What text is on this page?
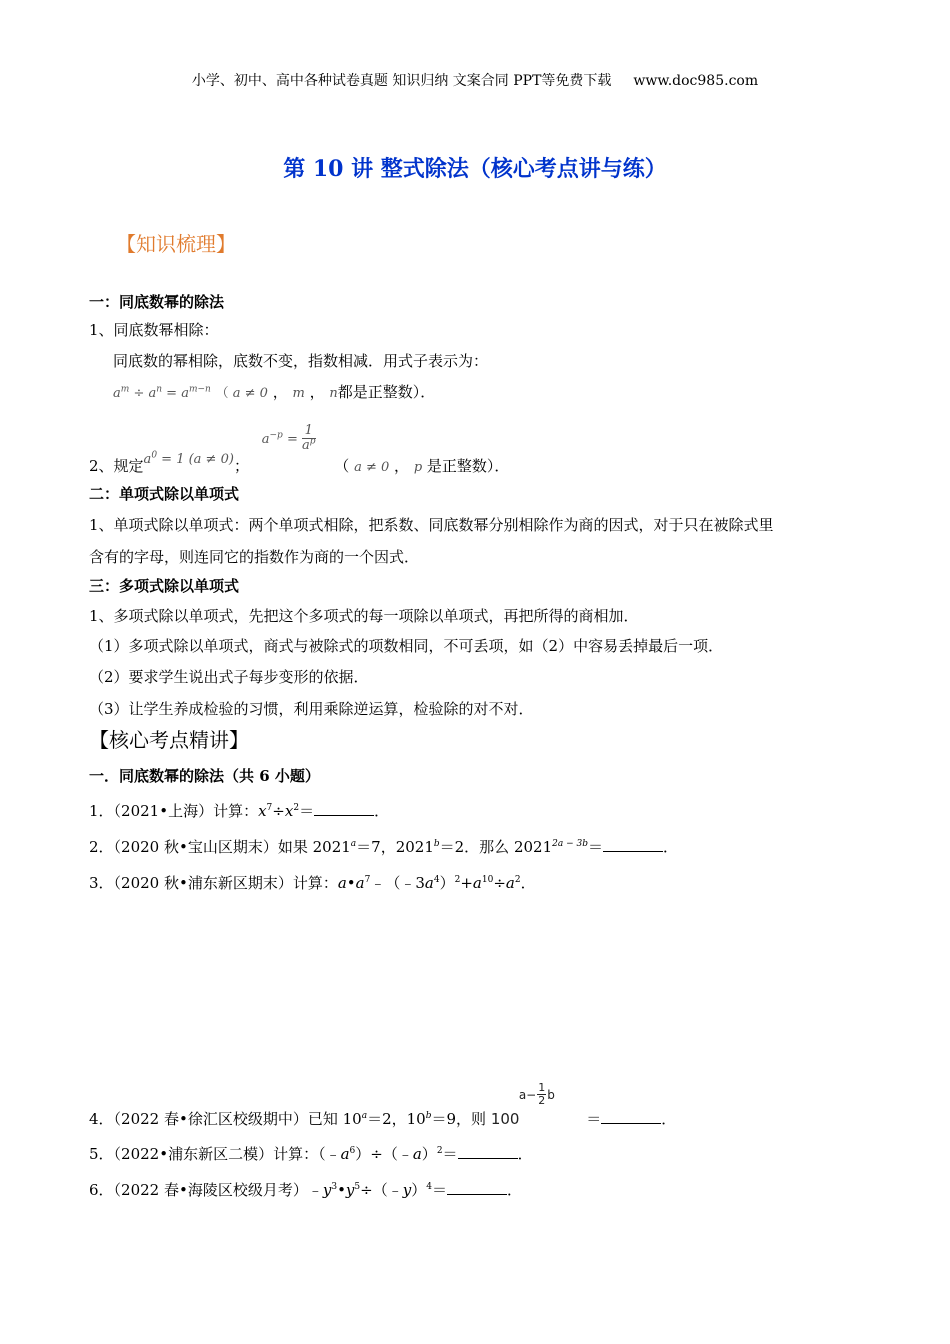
小学、初中、高中各种试卷真题 知识归纳 文案合同 PPT等免费下载 www.doc985.com
第 10 讲 整式除法（核心考点讲与练）
【知识梳理】
一：同底数幂的除法
1、同底数幂相除：
同底数的幂相除，底数不变，指数相减．用式子表示为：
$a^m \div a^n = a^{m-n}$ （ a ≠ 0 ， m ， n都是正整数）．
2、规定$a^0 = 1$ (a ≠ 0)； $a^{-p} = \frac{1}{a^p}$
（ a ≠ 0 ， p 是正整数）．
二：单项式除以单项式
1、单项式除以单项式：两个单项式相除，把系数、同底数幂分别相除作为商的因式，对于只在被除式里
含有的字母，则连同它的指数作为商的一个因式．
三：多项式除以单项式
1、多项式除以单项式，先把这个多项式的每一项除以单项式，再把所得的商相加．
（1）多项式除以单项式，商式与被除式的项数相同，不可丢项，如（2）中容易丢掉最后一项．
（2）要求学生说出式子每步变形的依据．
（3）让学生养成检验的习惯，利用乘除逆运算，检验除的对不对．
【核心考点精讲】
一．同底数幂的除法（共 6 小题）
1．（2021•上海）计算：$x^7\div x^2=$	．
2．（2020 秋•宝山区期末）如果 $2021^a=7$，$2021^b=2$．那么 $2021^{2a - 3b}=$	．
3．（2020 秋•浦东新区期末）计算：$a•a^7﹣(﹣3a^4)^2+a^{10}\div a^2$．
4．（2022 春•徐汇区校级期中）已知 $10^a=2$，$10^b=9$，则 100
$a- \frac{1}{2}$ b
＝	．
5．（2022•浦东新区二模）计算：$(﹣a^6)\div(﹣a)^2=$	．
6．（2022 春•海陵区校级月考）$﹣y^3•y^5\div(﹣y)^4=$	．
